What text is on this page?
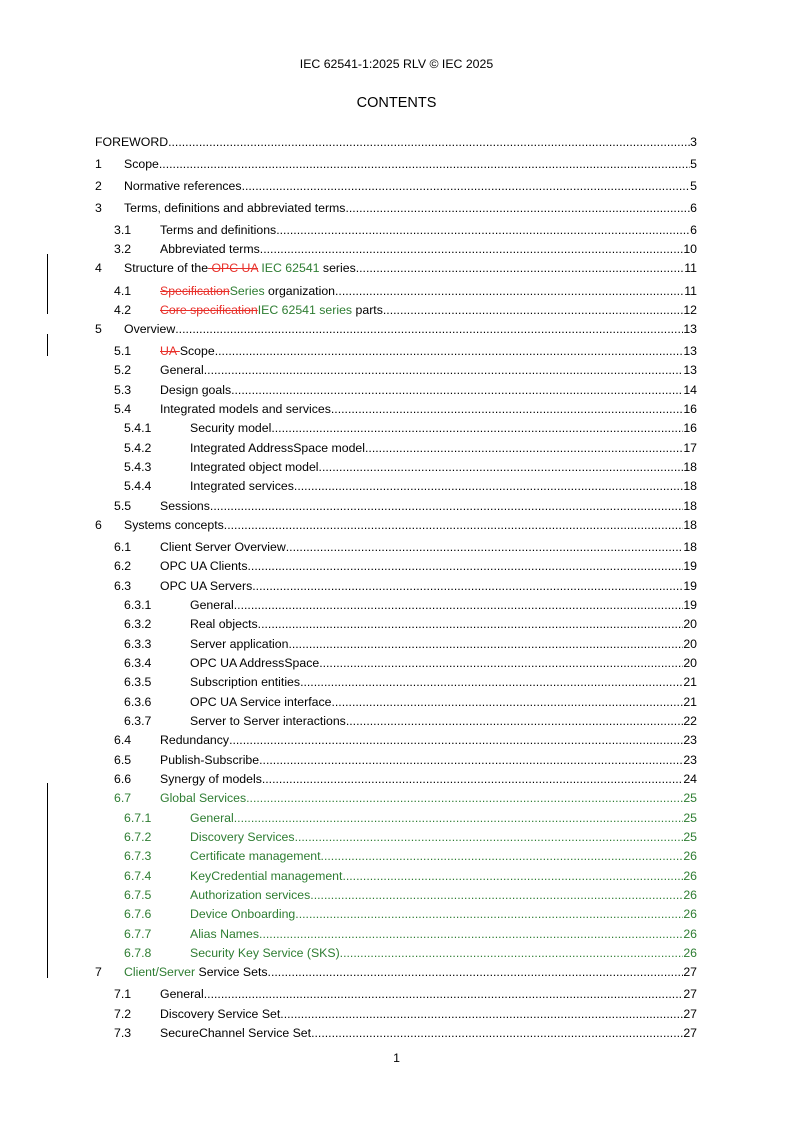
IEC 62541-1:2025 RLV © IEC 2025
CONTENTS
FOREWORD .....	3
1 Scope .....	5
2 Normative references .....	5
3 Terms, definitions and abbreviated terms .....	6
3.1 Terms and definitions .....	6
3.2 Abbreviated terms .....	10
4 Structure of the OPC UA IEC 62541 series .....	11
4.1 SpecificationSeries organization .....	11
4.2 Core specificationIEC 62541 series parts .....	12
5 Overview .....	13
5.1 UA Scope .....	13
5.2 General .....	13
5.3 Design goals .....	14
5.4 Integrated models and services .....	16
5.4.1	Security model .....	16
5.4.2	Integrated AddressSpace model .....	17
5.4.3	Integrated object model .....	18
5.4.4	Integrated services .....	18
5.5 Sessions .....	18
6 Systems concepts .....	18
6.1 Client Server Overview .....	18
6.2 OPC UA Clients .....	19
6.3 OPC UA Servers .....	19
6.3.1	General .....	19
6.3.2	Real objects .....	20
6.3.3	Server application .....	20
6.3.4	OPC UA AddressSpace .....	20
6.3.5	Subscription entities .....	21
6.3.6	OPC UA Service interface .....	21
6.3.7	Server to Server interactions .....	22
6.4 Redundancy .....	23
6.5 Publish-Subscribe .....	23
6.6 Synergy of models .....	24
6.7 Global Services .....	25
6.7.1	General .....	25
6.7.2	Discovery Services .....	25
6.7.3	Certificate management .....	26
6.7.4	KeyCredential management .....	26
6.7.5	Authorization services .....	26
6.7.6	Device Onboarding .....	26
6.7.7	Alias Names .....	26
6.7.8	Security Key Service (SKS) .....	26
7 Client/Server Service Sets .....	27
7.1 General .....	27
7.2 Discovery Service Set .....	27
7.3 SecureChannel Service Set .....	27
1
